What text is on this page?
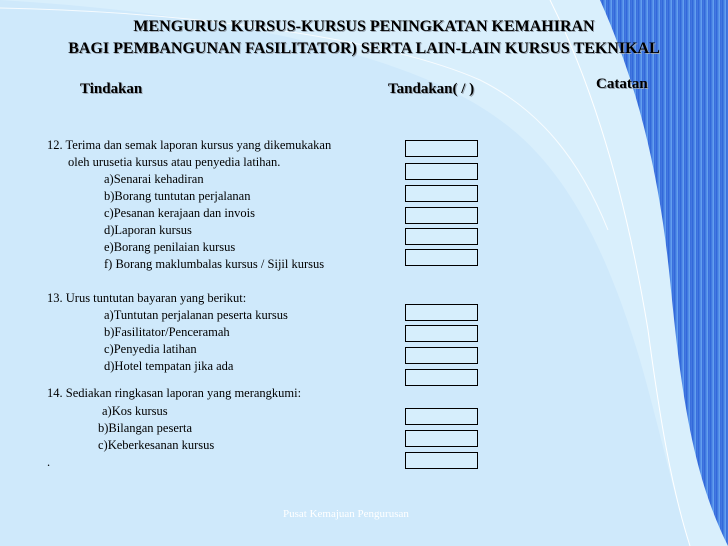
MENGURUS KURSUS-KURSUS PENINGKATAN KEMAHIRAN
BAGI PEMBANGUNAN FASILITATOR) SERTA LAIN-LAIN KURSUS TEKNIKAL
Tindakan	Tandakan( / )	Catatan
12. Terima dan semak laporan kursus yang dikemukakan
oleh urusetia kursus atau penyedia latihan.
a)Senarai kehadiran
b)Borang tuntutan perjalanan
c)Pesanan kerajaan dan invois
d)Laporan kursus
e)Borang penilaian kursus
f) Borang maklumbalas kursus / Sijil kursus
13. Urus tuntutan bayaran yang berikut:
a)Tuntutan perjalanan peserta kursus
b)Fasilitator/Penceramah
c)Penyedia latihan
d)Hotel tempatan jika ada
14. Sediakan ringkasan laporan yang merangkumi:
a)Kos kursus
b)Bilangan peserta
c)Keberkesanan kursus
.
Pusat Kemajuan Pengurusan
